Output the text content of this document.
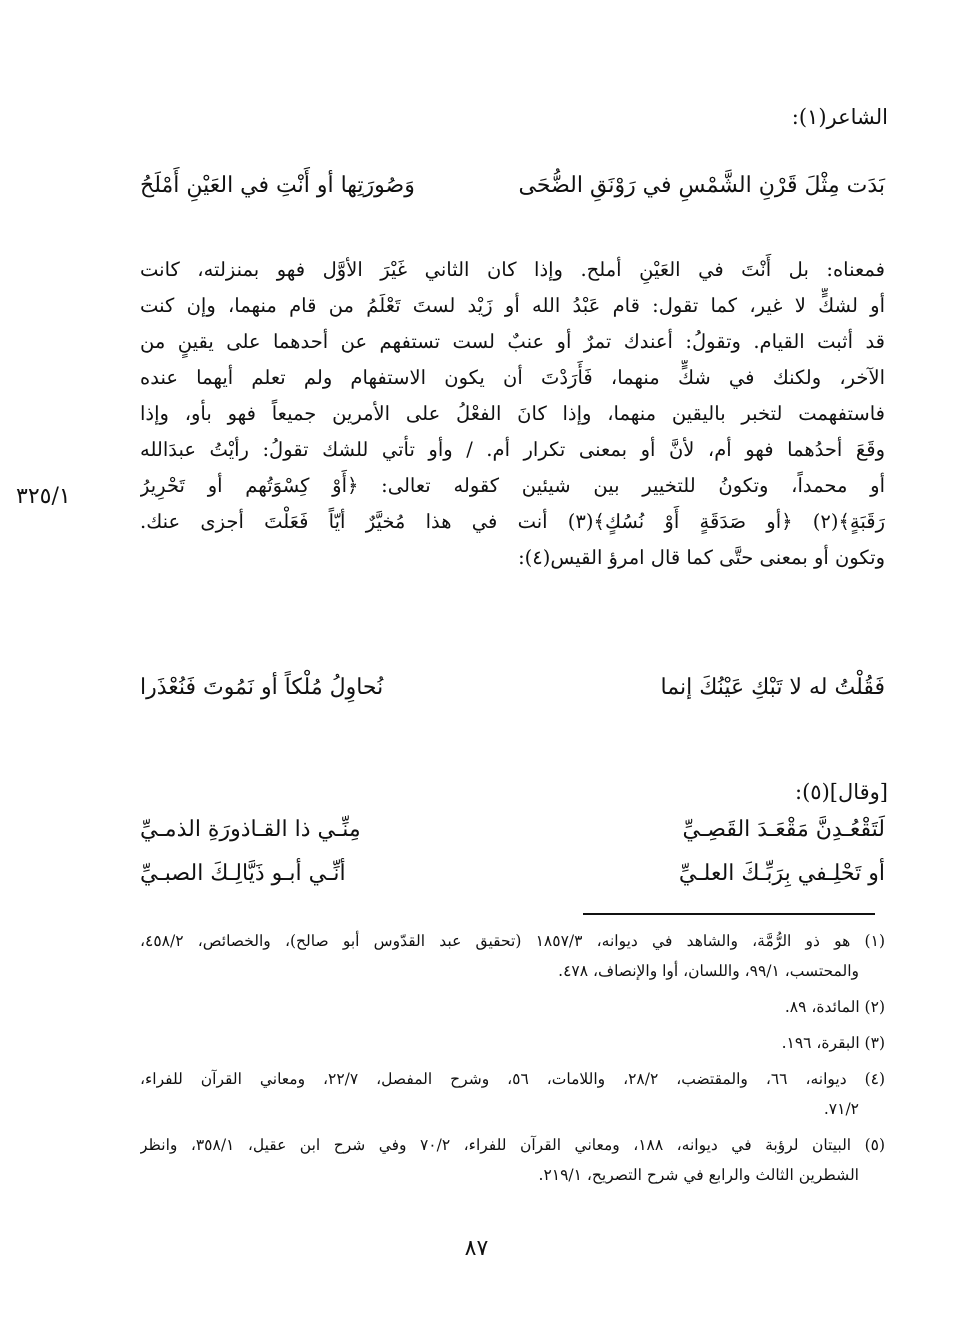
الشاعر(١):
بَدَت مِثْلَ قَرْنِ الشَّمْسِ في رَوْنَقِ الضُّحَى
وَصُورَتِها أو أَنْتِ في العَيْنِ أَمْلَحُ
فمعناه: بل أَنْتَ في العَيْنِ أملح. وإذا كان الثاني غَيْرَ الأوَّل فهو بمنزلته، كانت
أو لشكٍّ لا غير، كما تقول: قام عَبْدُ الله أو زَيْد لستَ تَعْلَمُ من قام منهما، وإن كنت
قد أثبت القيام. وتقولُ: أعندك تمرٌ أو عنبٌ لست تستفهم عن أحدهما على يقينٍ من
الآخر، ولكنك في شكٍّ منهما، فَأَرَدْتَ أن يكون الاستفهام ولم تعلم أيهما عنده
فاستفهمت لتخبر باليقين منهما، وإذا كانَ الفعْلُ على الأمرين جميعاً فهو بأو، وإذا
وقَعَ أحدُهما فهو أم، لأنَّ أو بمعنى تكرار أم. / وأو تأتي للشك تقولُ: رأيْتُ عبدَالله
أو محمداً، وتكونُ للتخيير بين شيئين كقوله تعالى: ﴿أَوْ كِسْوَتُهم أو تَحْرِيرُ
رَقَبَةٍ﴾(٢) ﴿أو صَدَقَةٍ أَوْ نُسُكٍ﴾(٣) أنت في هذا مُخيَّرٌ أيّاً فَعَلْتَ أجزى عنك.
وتكون أو بمعنى حتَّى كما قال امرؤ القيس(٤):
٣٢٥/١
فَقُلْتُ له لا تَبْكِ عَيْنُكَ إنما
نُحاوِلُ مُلْكاً أو نَمُوتَ فَنُعْذَرا
[وقال](٥):
لَتَقْعُـدِنَّ مَقْعَـدَ القَصِـيِّ
مِنِّـي ذا القـاذورَةِ الذمـيِّ
أو تَحْلِـفي بِرَبِّـكَ العلـيِّ
أنِّـي أبـو ذَيَّالِـكَ الصبـيِّ
(١) هو ذو الرُّمَّة، والشاهد في ديوانه، ١٨٥٧/٣ (تحقيق عبد القدّوس أبو صالح)، والخصائص، ٤٥٨/٢،
والمحتسب، ٩٩/١، واللسان، أوا والإنصاف، ٤٧٨.
(٢) المائدة، ٨٩.
(٣) البقرة، ١٩٦.
(٤) ديوانه، ٦٦، والمقتضب، ٢٨/٢، واللامات، ٥٦، وشرح المفصل، ٢٢/٧، ومعاني القرآن للفراء،
٧١/٢.
(٥) البيتان لرؤبة في ديوانه، ١٨٨، ومعاني القرآن للفراء، ٧٠/٢ وفي شرح ابن عقيل، ٣٥٨/١، وانظر
الشطرين الثالث والرابع في شرح التصريح، ٢١٩/١.
٨٧
